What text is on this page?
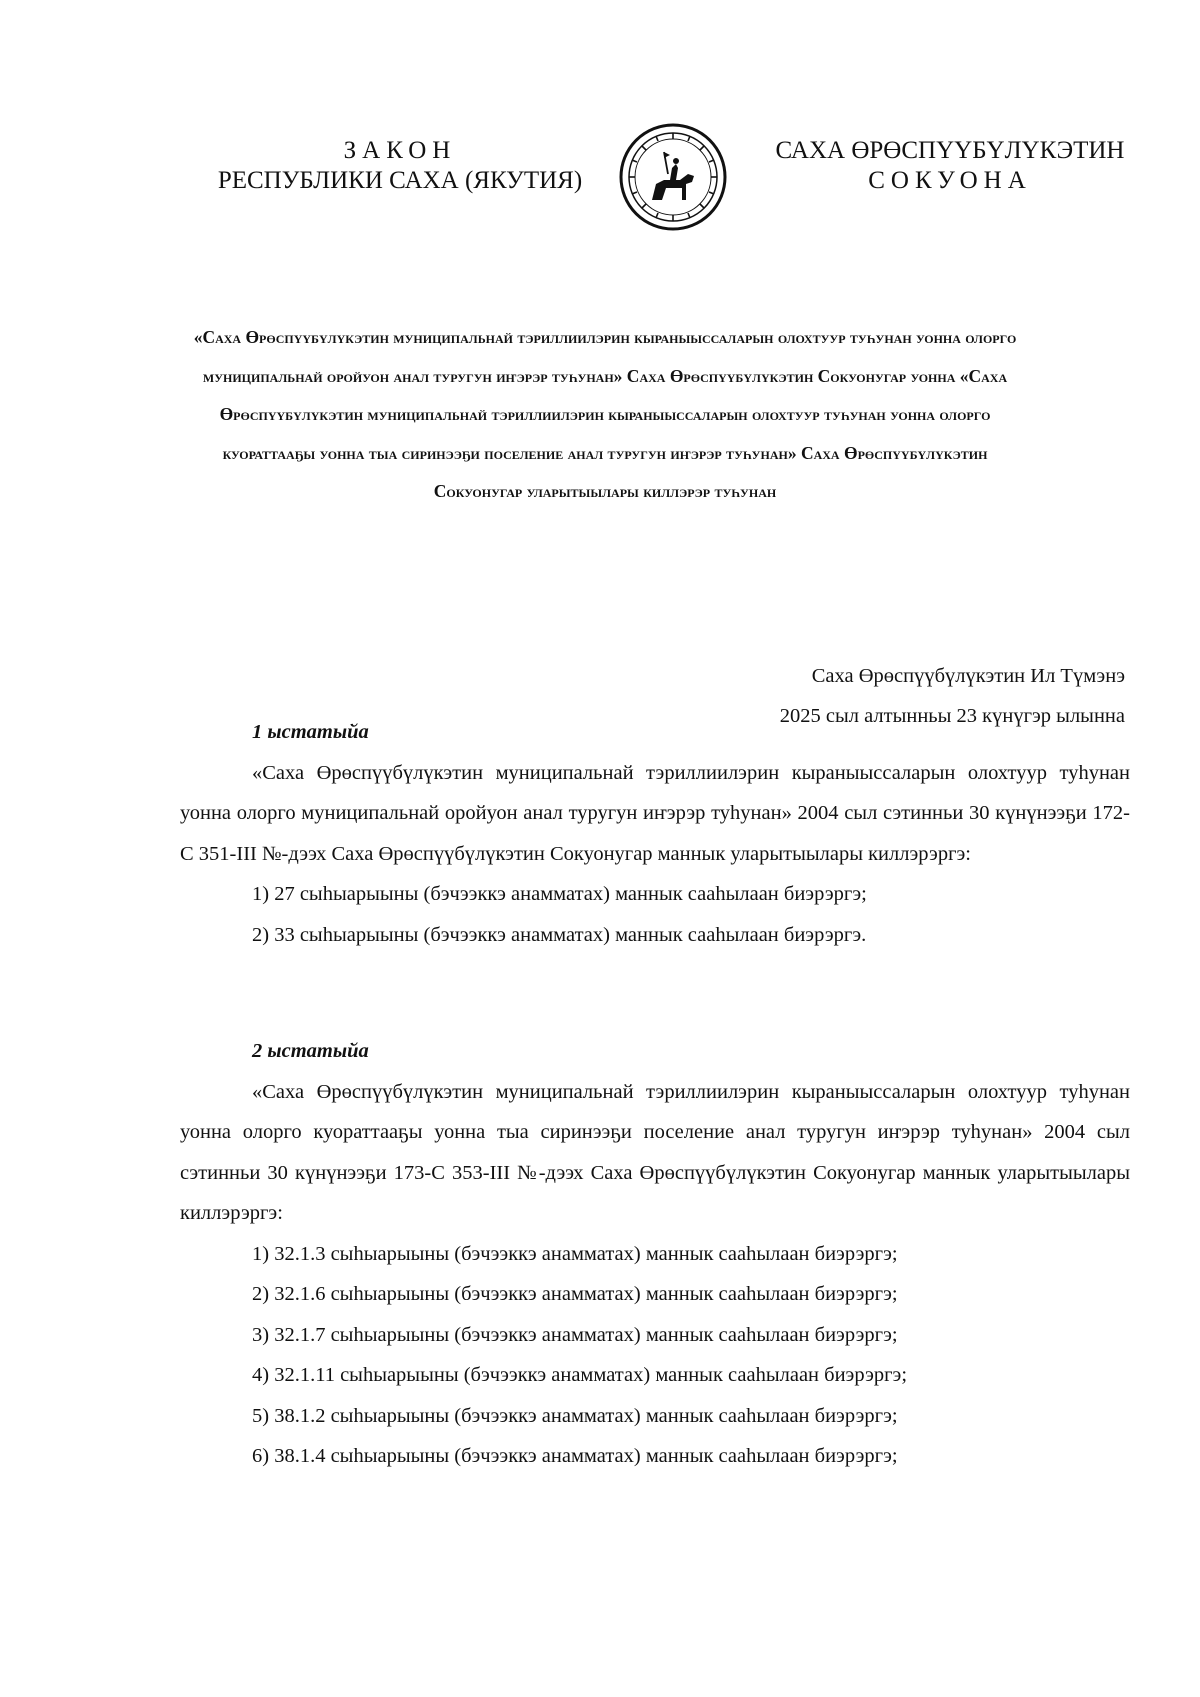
ЗАКОН
РЕСПУБЛИКИ САХА (ЯКУТИЯ)
САХА ӨРӨСПҮҮБҮЛҮКЭТИН
СОКУОНА
«Саха Өрөспүүбүлүкэтин муниципальнай тэриллиилэрин кыраныыссаларын олохтуур туһунан уонна олорго муниципальнай оройуон анал туругун иҥэрэр туһунан» Саха Өрөспүүбүлүкэтин Сокуонугар уонна «Саха Өрөспүүбүлүкэтин муниципальнай тэриллиилэрин кыраныыссаларын олохтуур туһунан уонна олорго куораттааҕы уонна тыа сиринээҕи поселение анал туругун иҥэрэр туһунан» Саха Өрөспүүбүлүкэтин Сокуонугар уларытыылары киллэрэр туһунан
Саха Өрөспүүбүлүкэтин Ил Түмэнэ
2025 сыл алтынньы 23 күнүгэр ылынна
1 ыстатыйа
«Саха Өрөспүүбүлүкэтин муниципальнай тэриллиилэрин кыраныыссаларын олохтуур туһунан уонна олорго муниципальнай оройуон анал туругун иҥэрэр туһунан» 2004 сыл сэтинньи 30 күнүнээҕи 172-С 351-III №-дээх Саха Өрөспүүбүлүкэтин Сокуонугар маннык уларытыылары киллэрэргэ:
1) 27 сыһыарыыны (бэчээккэ анамматах) маннык сааһылаан биэрэргэ;
2) 33 сыһыарыыны (бэчээккэ анамматах) маннык сааһылаан биэрэргэ.
2 ыстатыйа
«Саха Өрөспүүбүлүкэтин муниципальнай тэриллиилэрин кыраныыссаларын олохтуур туһунан уонна олорго куораттааҕы уонна тыа сиринээҕи поселение анал туругун иҥэрэр туһунан» 2004 сыл сэтинньи 30 күнүнээҕи 173-С 353-III №-дээх Саха Өрөспүүбүлүкэтин Сокуонугар маннык уларытыылары киллэрэргэ:
1) 32.1.3 сыһыарыыны (бэчээккэ анамматах) маннык сааһылаан биэрэргэ;
2) 32.1.6 сыһыарыыны (бэчээккэ анамматах) маннык сааһылаан биэрэргэ;
3) 32.1.7 сыһыарыыны (бэчээккэ анамматах) маннык сааһылаан биэрэргэ;
4) 32.1.11 сыһыарыыны (бэчээккэ анамматах) маннык сааһылаан биэрэргэ;
5) 38.1.2 сыһыарыыны (бэчээккэ анамматах) маннык сааһылаан биэрэргэ;
6) 38.1.4 сыһыарыыны (бэчээккэ анамматах) маннык сааһылаан биэрэргэ;
